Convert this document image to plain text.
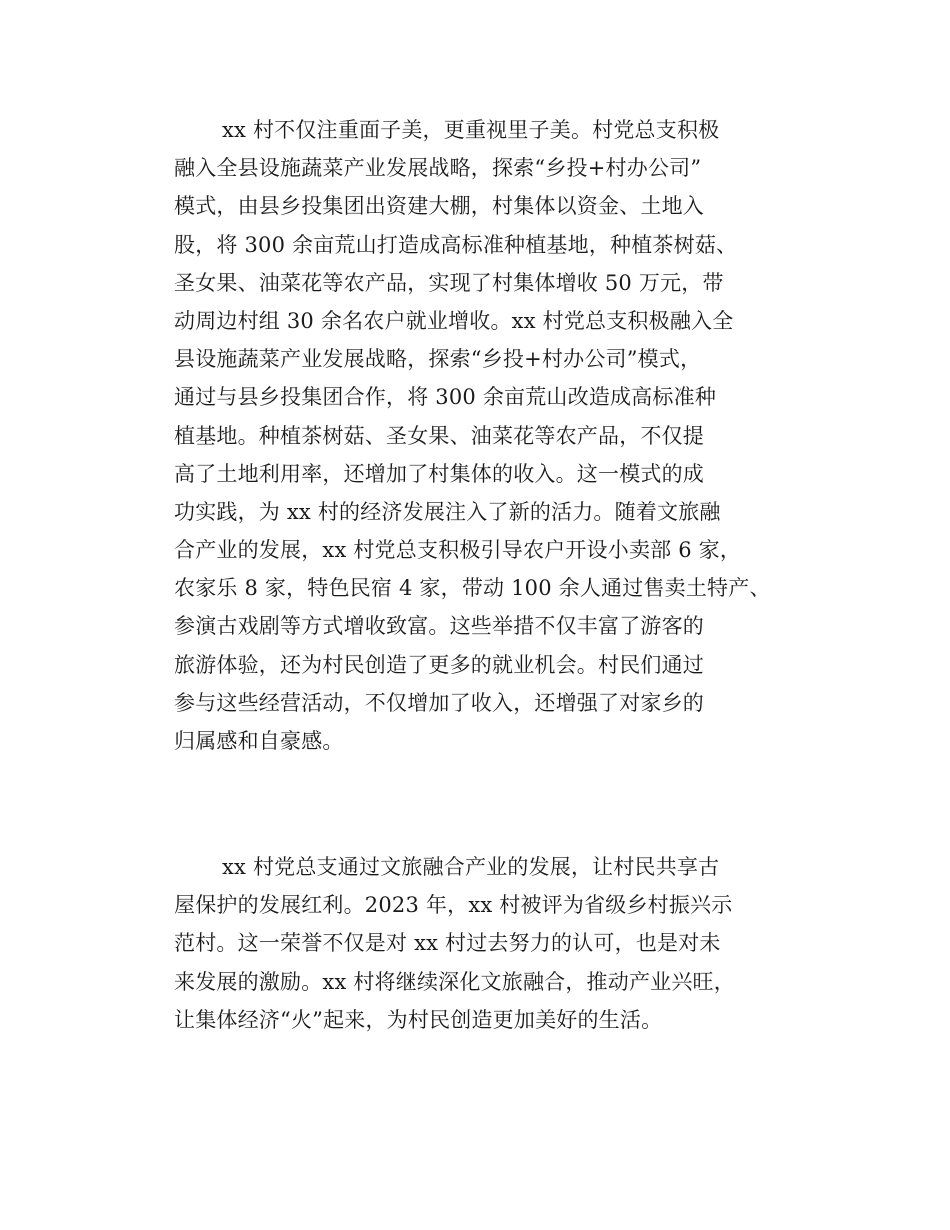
xx 村不仅注重面子美，更重视里子美。村党总支积极
融入全县设施蔬菜产业发展战略，探索“乡投+村办公司”
模式，由县乡投集团出资建大棚，村集体以资金、土地入
股，将 300 余亩荒山打造成高标准种植基地，种植茶树菇、
圣女果、油菜花等农产品，实现了村集体增收 50 万元，带
动周边村组 30 余名农户就业增收。xx 村党总支积极融入全
县设施蔬菜产业发展战略，探索“乡投+村办公司”模式，
通过与县乡投集团合作，将 300 余亩荒山改造成高标准种
植基地。种植茶树菇、圣女果、油菜花等农产品，不仅提
高了土地利用率，还增加了村集体的收入。这一模式的成
功实践，为 xx 村的经济发展注入了新的活力。随着文旅融
合产业的发展，xx 村党总支积极引导农户开设小卖部 6 家，
农家乐 8 家，特色民宿 4 家，带动 100 余人通过售卖土特产、
参演古戏剧等方式增收致富。这些举措不仅丰富了游客的
旅游体验，还为村民创造了更多的就业机会。村民们通过
参与这些经营活动，不仅增加了收入，还增强了对家乡的
归属感和自豪感。
xx 村党总支通过文旅融合产业的发展，让村民共享古
屋保护的发展红利。2023 年，xx 村被评为省级乡村振兴示
范村。这一荣誉不仅是对 xx 村过去努力的认可，也是对未
来发展的激励。xx 村将继续深化文旅融合，推动产业兴旺，
让集体经济“火”起来，为村民创造更加美好的生活。
